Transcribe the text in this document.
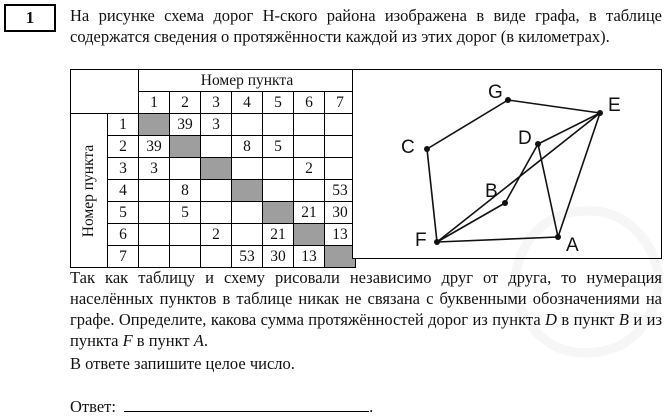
1 На рисунке схема дорог Н-ского района изображена в виде графа, в таблице содержатся сведения о протяжённости каждой из этих дорог (в километрах).
		Номер пункта						
		1	2	3	4	5	6	7

Номер пункта	1		39	3				
	2	39			8	5		
	3	3					2	
	4		8					53
	5		5				21	30
	6			2		21		13
	7				53	30	13	
G
E
C	D
B
F	A
Так как таблицу и схему рисовали независимо друг от друга, то нумерация населённых пунктов в таблице никак не связана с буквенными обозначениями на графе. Определите, какова сумма протяжённостей дорог из пункта D в пункт B и из пункта F в пункт A.
В ответе запишите целое число.
Ответ:	.
